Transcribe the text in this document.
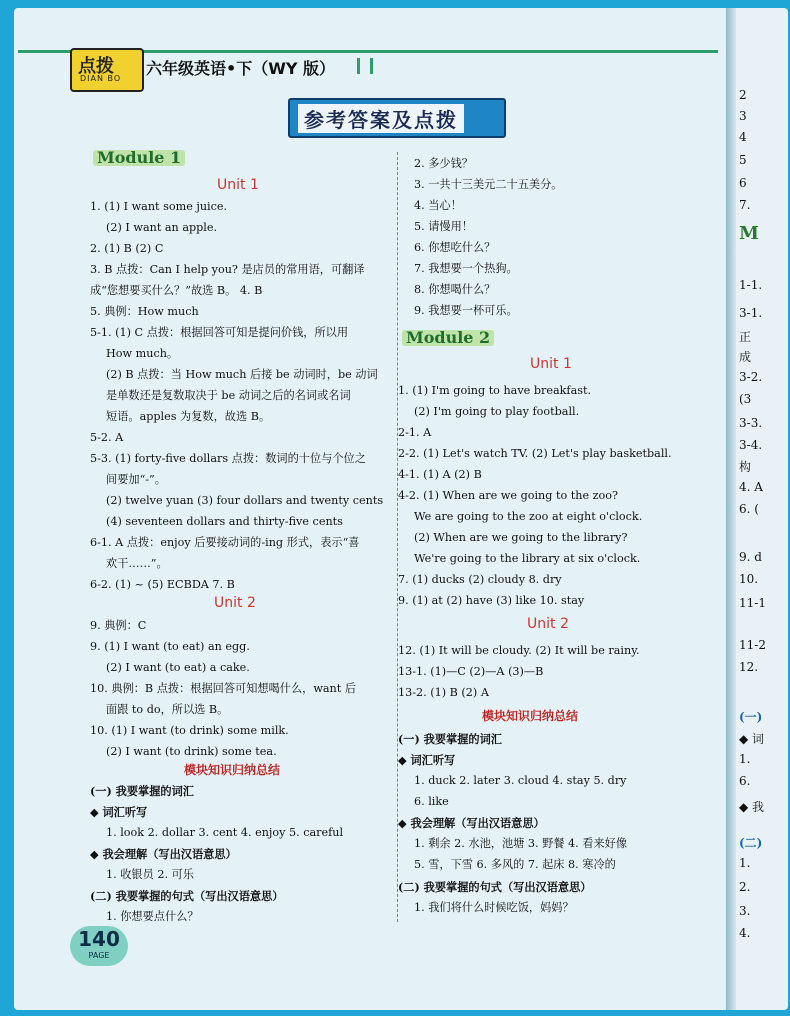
2
3
4
5
6
7.
M
1-1.
3-1.
正
成
3-2.
(3
3-3.
3-4.
构
4. A
6. (
9. d
10.
11-1
11-2
12.
(一)
◆ 词
1.
6.
◆ 我
(二)
1.
2.
3.
4.
点拨
DIAN BO
六年级英语•下（WY 版）
参考答案及点拨
Module 1
Unit 1
1. (1) I want some juice.
(2) I want an apple.
2. (1) B (2) C
3. B 点拨：Can I help you? 是店员的常用语，可翻译
成“您想要买什么？”故选 B。 4. B
5. 典例：How much
5-1. (1) C 点拨：根据回答可知是提问价钱，所以用
How much。
(2) B 点拨：当 How much 后接 be 动词时，be 动词
是单数还是复数取决于 be 动词之后的名词或名词
短语。apples 为复数，故选 B。
5-2. A
5-3. (1) forty-five dollars 点拨：数词的十位与个位之
间要加“-”。
(2) twelve yuan (3) four dollars and twenty cents
(4) seventeen dollars and thirty-five cents
6-1. A 点拨：enjoy 后要接动词的-ing 形式，表示“喜
欢干……”。
6-2. (1) ~ (5) ECBDA 7. B
Unit 2
9. 典例：C
9. (1) I want (to eat) an egg.
(2) I want (to eat) a cake.
10. 典例：B 点拨：根据回答可知想喝什么，want 后
面跟 to do，所以选 B。
10. (1) I want (to drink) some milk.
(2) I want (to drink) some tea.
模块知识归纳总结
(一) 我要掌握的词汇
◆ 词汇听写
1. look 2. dollar 3. cent 4. enjoy 5. careful
◆ 我会理解（写出汉语意思）
1. 收银员 2. 可乐
(二) 我要掌握的句式（写出汉语意思）
1. 你想要点什么？
2. 多少钱？
3. 一共十三美元二十五美分。
4. 当心！
5. 请慢用！
6. 你想吃什么？
7. 我想要一个热狗。
8. 你想喝什么？
9. 我想要一杯可乐。
Module 2
Unit 1
1. (1) I'm going to have breakfast.
(2) I'm going to play football.
2-1. A
2-2. (1) Let's watch TV. (2) Let's play basketball.
4-1. (1) A (2) B
4-2. (1) When are we going to the zoo?
We are going to the zoo at eight o'clock.
(2) When are we going to the library?
We're going to the library at six o'clock.
7. (1) ducks (2) cloudy 8. dry
9. (1) at (2) have (3) like 10. stay
Unit 2
12. (1) It will be cloudy. (2) It will be rainy.
13-1. (1)—C (2)—A (3)—B
13-2. (1) B (2) A
模块知识归纳总结
(一) 我要掌握的词汇
◆ 词汇听写
1. duck 2. later 3. cloud 4. stay 5. dry
6. like
◆ 我会理解（写出汉语意思）
1. 剩余 2. 水池，池塘 3. 野餐 4. 看来好像
5. 雪，下雪 6. 多风的 7. 起床 8. 寒冷的
(二) 我要掌握的句式（写出汉语意思）
1. 我们将什么时候吃饭，妈妈？
140
PAGE
